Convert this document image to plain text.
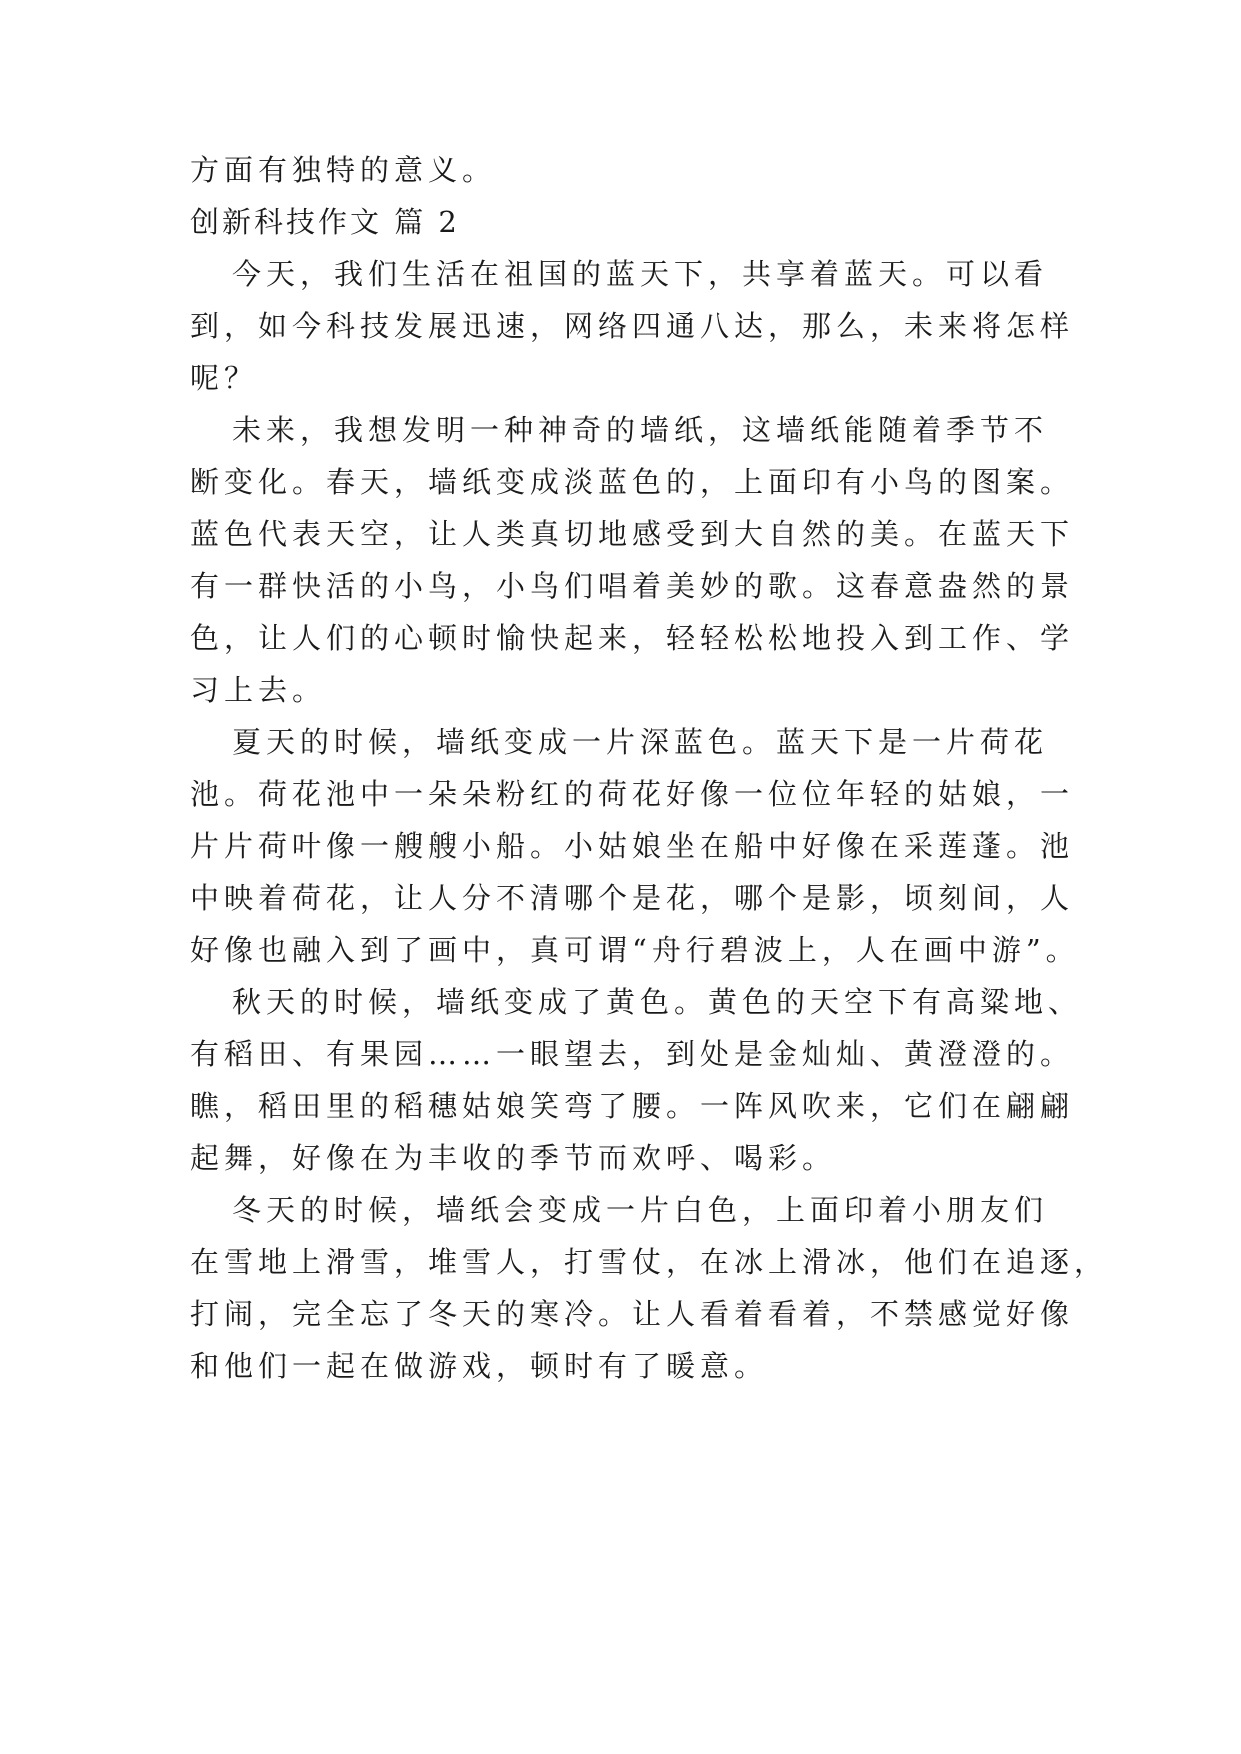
方面有独特的意义。
创新科技作文 篇 2
今天，我们生活在祖国的蓝天下，共享着蓝天。可以看
到，如今科技发展迅速，网络四通八达，那么，未来将怎样
呢？
未来，我想发明一种神奇的墙纸，这墙纸能随着季节不
断变化。春天，墙纸变成淡蓝色的，上面印有小鸟的图案。
蓝色代表天空，让人类真切地感受到大自然的美。在蓝天下
有一群快活的小鸟，小鸟们唱着美妙的歌。这春意盎然的景
色，让人们的心顿时愉快起来，轻轻松松地投入到工作、学
习上去。
夏天的时候，墙纸变成一片深蓝色。蓝天下是一片荷花
池。荷花池中一朵朵粉红的荷花好像一位位年轻的姑娘，一
片片荷叶像一艘艘小船。小姑娘坐在船中好像在采莲蓬。池
中映着荷花，让人分不清哪个是花，哪个是影，顷刻间，人
好像也融入到了画中，真可谓“舟行碧波上，人在画中游”。
秋天的时候，墙纸变成了黄色。黄色的天空下有高粱地、
有稻田、有果园……一眼望去，到处是金灿灿、黄澄澄的。
瞧，稻田里的稻穗姑娘笑弯了腰。一阵风吹来，它们在翩翩
起舞，好像在为丰收的季节而欢呼、喝彩。
冬天的时候，墙纸会变成一片白色，上面印着小朋友们
在雪地上滑雪，堆雪人，打雪仗，在冰上滑冰，他们在追逐，
打闹，完全忘了冬天的寒冷。让人看着看着，不禁感觉好像
和他们一起在做游戏，顿时有了暖意。
